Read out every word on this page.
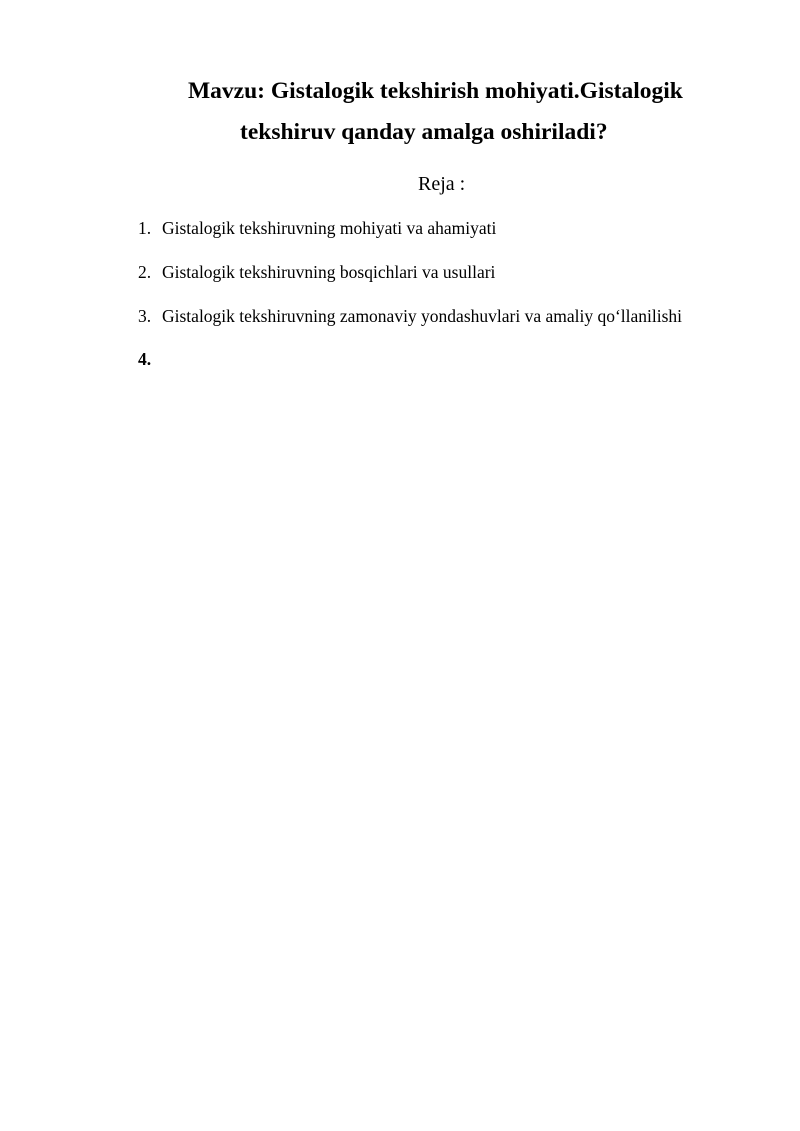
Mavzu: Gistalogik tekshirish mohiyati.Gistalogik
tekshiruv qanday amalga oshiriladi?
Reja :
1. Gistalogik tekshiruvning mohiyati va ahamiyati
2. Gistalogik tekshiruvning bosqichlari va usullari
3. Gistalogik tekshiruvning zamonaviy yondashuvlari va amaliy qo‘llanilishi
4.
